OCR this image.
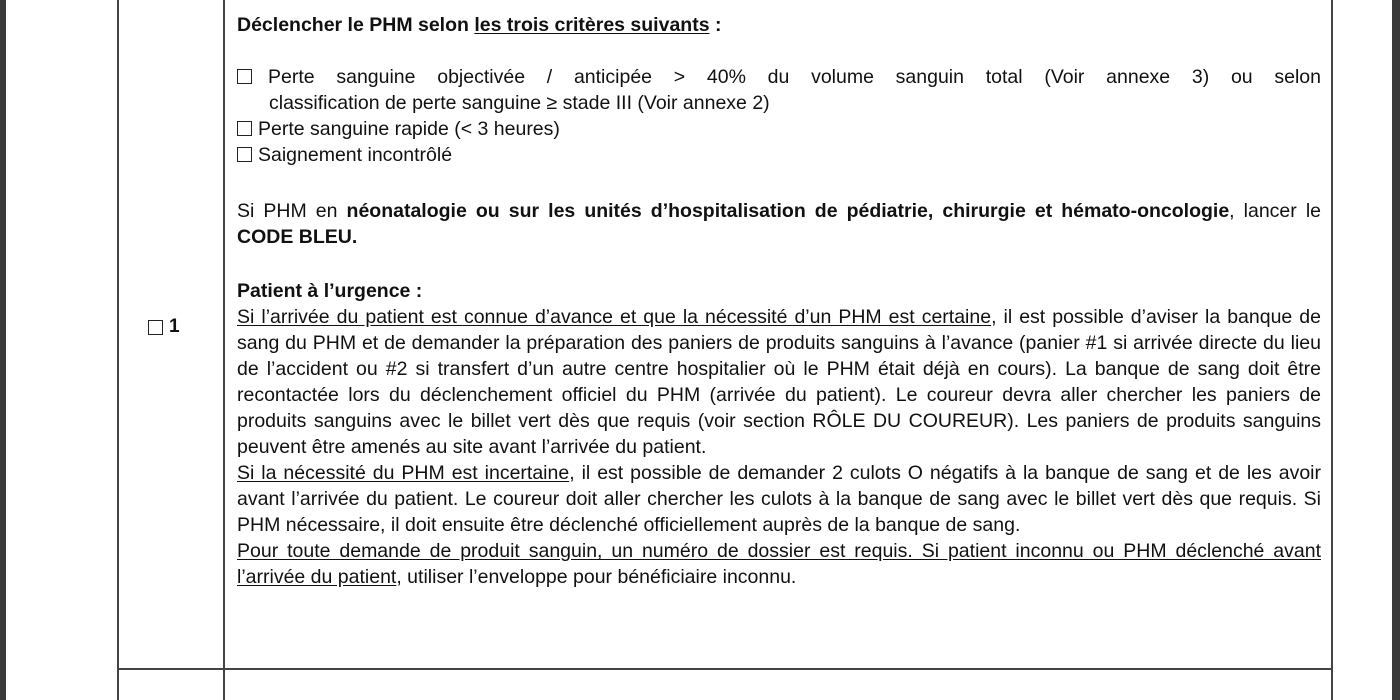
1

Déclencher le PHM selon les trois critères suivants :

Perte sanguine objectivée / anticipée > 40% du volume sanguin total (Voir annexe 3) ou selon

classification de perte sanguine ≥ stade III (Voir annexe 2)

Perte sanguine rapide (< 3 heures)
Saignement incontrôlé

Si PHM en néonatalogie ou sur les unités d’hospitalisation de pédiatrie, chirurgie et hémato-oncologie, lancer le CODE BLEU.

Patient à l’urgence :

Si l’arrivée du patient est connue d’avance et que la nécessité d’un PHM est certaine, il est possible d’aviser la banque de sang du PHM et de demander la préparation des paniers de produits sanguins à l’avance (panier #1 si arrivée directe du lieu de l’accident ou #2 si transfert d’un autre centre hospitalier où le PHM était déjà en cours). La banque de sang doit être recontactée lors du déclenchement officiel du PHM (arrivée du patient). Le coureur devra aller chercher les paniers de produits sanguins avec le billet vert dès que requis (voir section RÔLE DU COUREUR). Les paniers de produits sanguins peuvent être amenés au site avant l’arrivée du patient.

Si la nécessité du PHM est incertaine, il est possible de demander 2 culots O négatifs à la banque de sang et de les avoir avant l’arrivée du patient. Le coureur doit aller chercher les culots à la banque de sang avec le billet vert dès que requis. Si PHM nécessaire, il doit ensuite être déclenché officiellement auprès de la banque de sang.

Pour toute demande de produit sanguin, un numéro de dossier est requis. Si patient inconnu ou PHM déclenché avant l’arrivée du patient, utiliser l’enveloppe pour bénéficiaire inconnu.
